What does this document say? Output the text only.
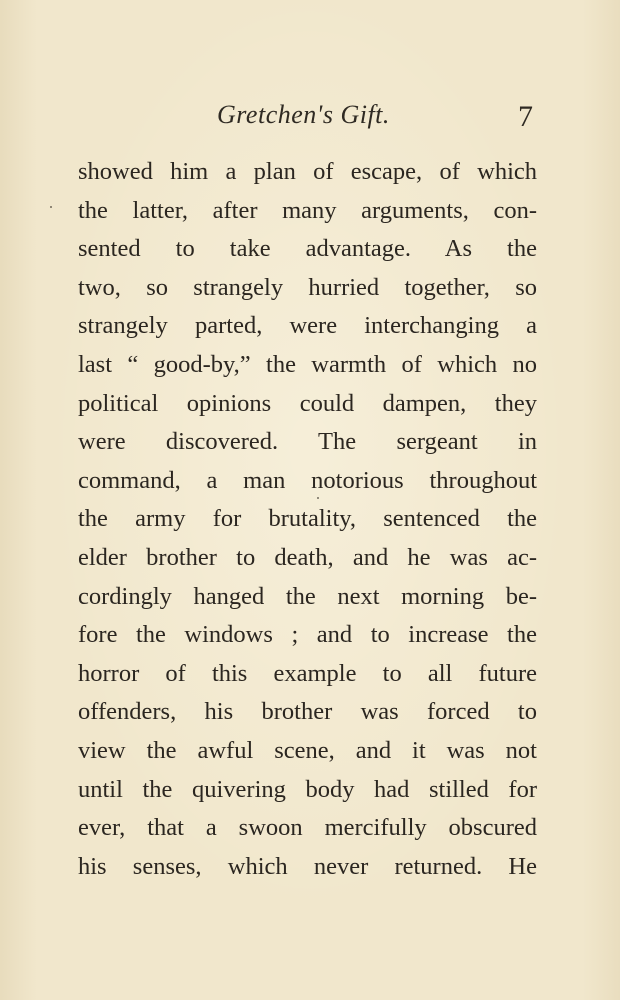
Gretchen's Gift.	7
showed him a plan of escape, of which
the latter, after many arguments, con-
sented to take advantage. As the
two, so strangely hurried together, so
strangely parted, were interchanging a
last “ good-by,” the warmth of which no
political opinions could dampen, they
were discovered. The sergeant in
command, a man notorious throughout
the army for brutality, sentenced the
elder brother to death, and he was ac-
cordingly hanged the next morning be-
fore the windows ; and to increase the
horror of this example to all future
offenders, his brother was forced to
view the awful scene, and it was not
until the quivering body had stilled for
ever, that a swoon mercifully obscured
his senses, which never returned. He
